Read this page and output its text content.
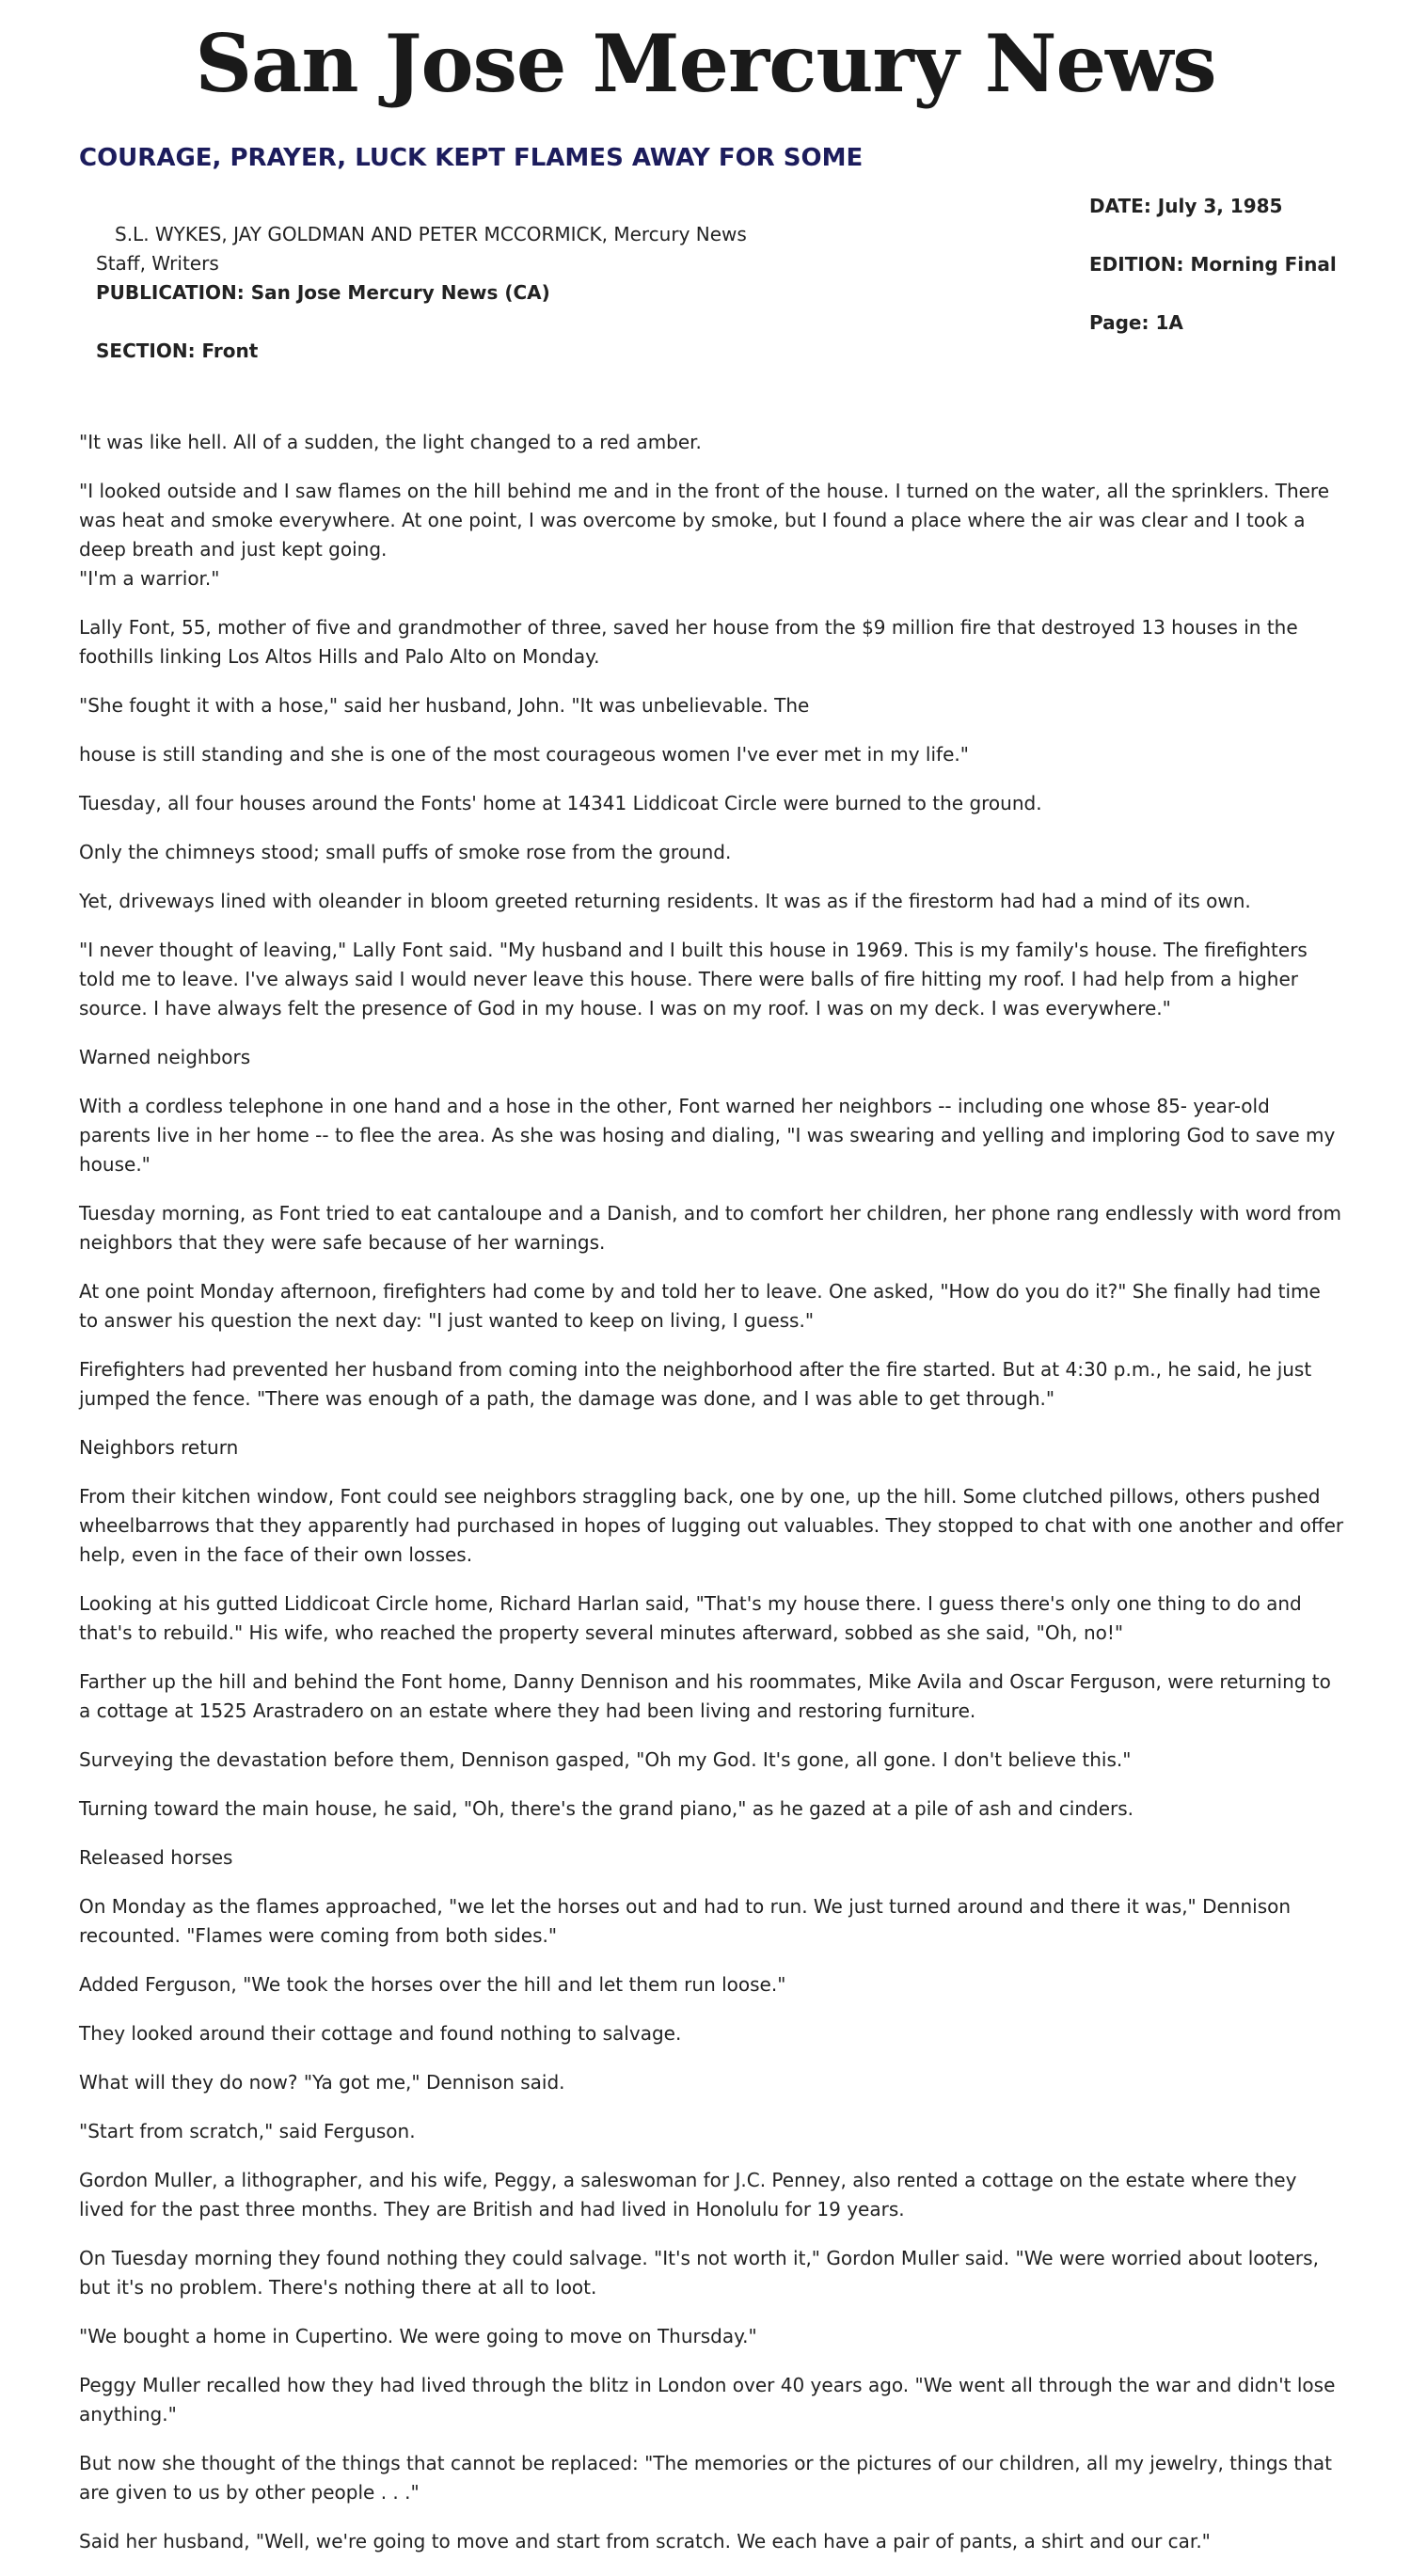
San Jose Mercury News
COURAGE, PRAYER, LUCK KEPT FLAMES AWAY FOR SOME
DATE: July 3, 1985
EDITION: Morning Final
Page: 1A
S.L. WYKES, JAY GOLDMAN AND PETER MCCORMICK, Mercury News Staff, Writers
PUBLICATION: San Jose Mercury News (CA)
SECTION: Front

"It was like hell. All of a sudden, the light changed to a red amber.

"I looked outside and I saw flames on the hill behind me and in the front of the house. I turned on the water, all the sprinklers. There was heat and smoke everywhere. At one point, I was overcome by smoke, but I found a place where the air was clear and I took a deep breath and just kept going.

"I'm a warrior."

Lally Font, 55, mother of five and grandmother of three, saved her house from the $9 million fire that destroyed 13 houses in the foothills linking Los Altos Hills and Palo Alto on Monday.

"She fought it with a hose," said her husband, John. "It was unbelievable. The

house is still standing and she is one of the most courageous women I've ever met in my life."

Tuesday, all four houses around the Fonts' home at 14341 Liddicoat Circle were burned to the ground.

Only the chimneys stood; small puffs of smoke rose from the ground.

Yet, driveways lined with oleander in bloom greeted returning residents. It was as if the firestorm had had a mind of its own.

"I never thought of leaving," Lally Font said. "My husband and I built this house in 1969. This is my family's house. The firefighters told me to leave. I've always said I would never leave this house. There were balls of fire hitting my roof. I had help from a higher source. I have always felt the presence of God in my house. I was on my roof. I was on my deck. I was everywhere."

Warned neighbors

With a cordless telephone in one hand and a hose in the other, Font warned her neighbors -- including one whose 85- year-old parents live in her home -- to flee the area. As she was hosing and dialing, "I was swearing and yelling and imploring God to save my house."

Tuesday morning, as Font tried to eat cantaloupe and a Danish, and to comfort her children, her phone rang endlessly with word from neighbors that they were safe because of her warnings.

At one point Monday afternoon, firefighters had come by and told her to leave. One asked, "How do you do it?" She finally had time to answer his question the next day: "I just wanted to keep on living, I guess."

Firefighters had prevented her husband from coming into the neighborhood after the fire started. But at 4:30 p.m., he said, he just jumped the fence. "There was enough of a path, the damage was done, and I was able to get through."

Neighbors return

From their kitchen window, Font could see neighbors straggling back, one by one, up the hill. Some clutched pillows, others pushed wheelbarrows that they apparently had purchased in hopes of lugging out valuables. They stopped to chat with one another and offer help, even in the face of their own losses.

Looking at his gutted Liddicoat Circle home, Richard Harlan said, "That's my house there. I guess there's only one thing to do and that's to rebuild." His wife, who reached the property several minutes afterward, sobbed as she said, "Oh, no!"

Farther up the hill and behind the Font home, Danny Dennison and his roommates, Mike Avila and Oscar Ferguson, were returning to a cottage at 1525 Arastradero on an estate where they had been living and restoring furniture.

Surveying the devastation before them, Dennison gasped, "Oh my God. It's gone, all gone. I don't believe this."

Turning toward the main house, he said, "Oh, there's the grand piano," as he gazed at a pile of ash and cinders.

Released horses

On Monday as the flames approached, "we let the horses out and had to run. We just turned around and there it was," Dennison recounted. "Flames were coming from both sides."

Added Ferguson, "We took the horses over the hill and let them run loose."

They looked around their cottage and found nothing to salvage.

What will they do now? "Ya got me," Dennison said.

"Start from scratch," said Ferguson.

Gordon Muller, a lithographer, and his wife, Peggy, a saleswoman for J.C. Penney, also rented a cottage on the estate where they lived for the past three months. They are British and had lived in Honolulu for 19 years.

On Tuesday morning they found nothing they could salvage. "It's not worth it," Gordon Muller said. "We were worried about looters, but it's no problem. There's nothing there at all to loot.

"We bought a home in Cupertino. We were going to move on Thursday."

Peggy Muller recalled how they had lived through the blitz in London over 40 years ago. "We went all through the war and didn't lose anything."

But now she thought of the things that cannot be replaced: "The memories or the pictures of our children, all my jewelry, things that are given to us by other people . . ."

Said her husband, "Well, we're going to move and start from scratch. We each have a pair of pants, a shirt and our car."
